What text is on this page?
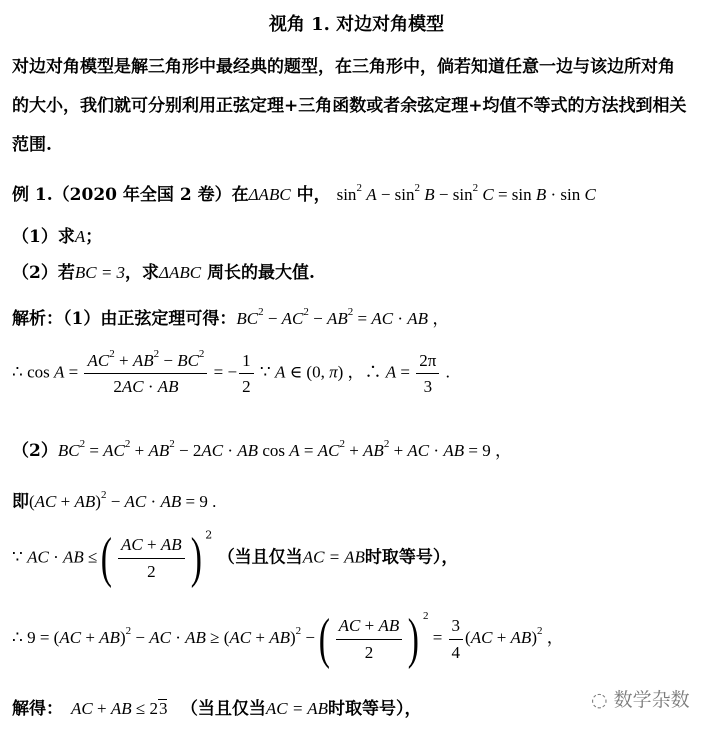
视角 1. 对边对角模型
对边对角模型是解三角形中最经典的题型，在三角形中，倘若知道任意一边与该边所对角
的大小，我们就可分别利用正弦定理+三角函数或者余弦定理+均值不等式的方法找到相关
范围.
例 1.（2020 年全国 2 卷）在ΔABC 中， $\sin^2 A - \sin^2 B - \sin^2 C = \sin B \cdot \sin C$
（1）求A；
（2）若BC = 3，求ΔABC 周长的最大值.
解析：（1）由正弦定理可得：$BC^2 - AC^2 - AB^2$ = AC · AB ，
∴ $\cos A = \frac{AC^2 + AB^2 - BC^2}{2AC \cdot AB}$ = − $\frac{1}{2}$ ∵ A ∈ (0, π) ，∴ $A = \frac{2\pi}{3}$ .
$(2)BC^2 = AC^2 + AB^2 - 2AC$ · AB $\cos A = AC^2 + AB^2$ + AC · AB = 9 ，
即(AC + AB)$^2$ − AC · AB = 9 .
∵ AC · AB ≤( $\frac{AC + AB}{2}$ ) $^2$ （当且仅当AC = AB时取等号），
∴ 9 = (AC + AB)$^2$ − AC · AB ≥ (AC + AB)$^2$ −( $\frac{AC + AB}{2}$ ) $^2 = \frac{3}{4} (AC + AB)^2$ ，
解得： AC + AB ≤ 23 （当且仅当AC = AB时取等号），	◌ 数学杂数
